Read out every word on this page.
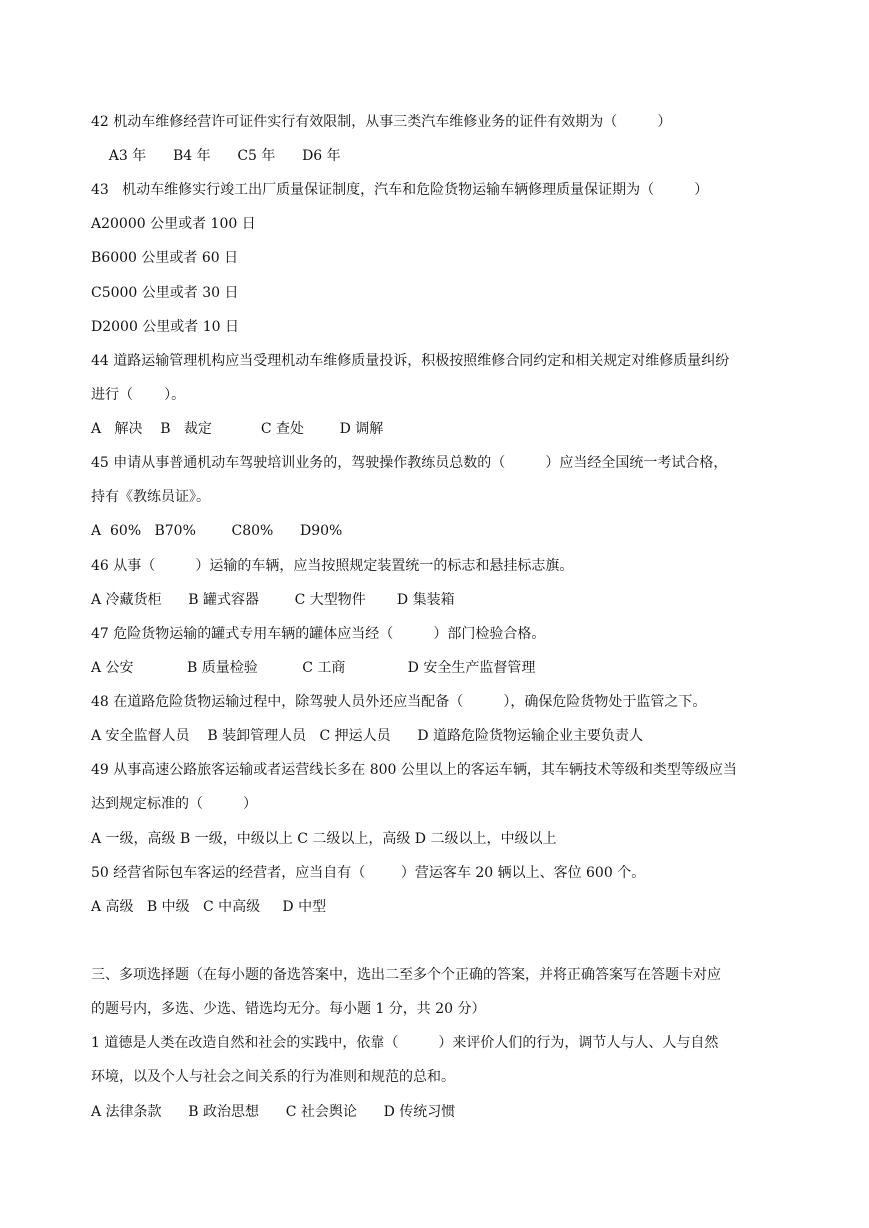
42 机动车维修经营许可证件实行有效限制，从事三类汽车维修业务的证件有效期为（         ）
A3 年      B4 年      C5 年      D6 年
43   机动车维修实行竣工出厂质量保证制度，汽车和危险货物运输车辆修理质量保证期为（         ）
A20000 公里或者 100 日
B6000 公里或者 60 日
C5000 公里或者 30 日
D2000 公里或者 10 日
44 道路运输管理机构应当受理机动车维修质量投诉，积极按照维修合同约定和相关规定对维修质量纠纷
进行（       ）。
A   解决    B   裁定           C 查处        D 调解
45 申请从事普通机动车驾驶培训业务的，驾驶操作教练员总数的（         ）应当经全国统一考试合格，
持有《教练员证》。
A  60%   B70%        C80%      D90%
46 从事（         ）运输的车辆，应当按照规定装置统一的标志和悬挂标志旗。
A 冷藏货柜      B 罐式容器        C 大型物件       D 集装箱
47 危险货物运输的罐式专用车辆的罐体应当经（         ）部门检验合格。
A 公安            B 质量检验          C 工商              D 安全生产监督管理
48 在道路危险货物运输过程中，除驾驶人员外还应当配备（         ），确保危险货物处于监管之下。
A 安全监督人员    B 装卸管理人员   C 押运人员      D 道路危险货物运输企业主要负责人
49 从事高速公路旅客运输或者运营线长多在 800 公里以上的客运车辆，其车辆技术等级和类型等级应当
达到规定标准的（         ）
A 一级，高级 B 一级，中级以上 C 二级以上，高级 D 二级以上，中级以上
50 经营省际包车客运的经营者，应当自有（        ）营运客车 20 辆以上、客位 600 个。
A 高级   B 中级   C 中高级     D 中型
三、多项选择题（在每小题的备选答案中，选出二至多个个正确的答案，并将正确答案写在答题卡对应
的题号内，多选、少选、错选均无分。每小题 1 分，共 20 分）
1 道德是人类在改造自然和社会的实践中，依靠（         ）来评价人们的行为，调节人与人、人与自然
环境，以及个人与社会之间关系的行为准则和规范的总和。
A 法律条款      B 政治思想      C 社会舆论      D 传统习惯
